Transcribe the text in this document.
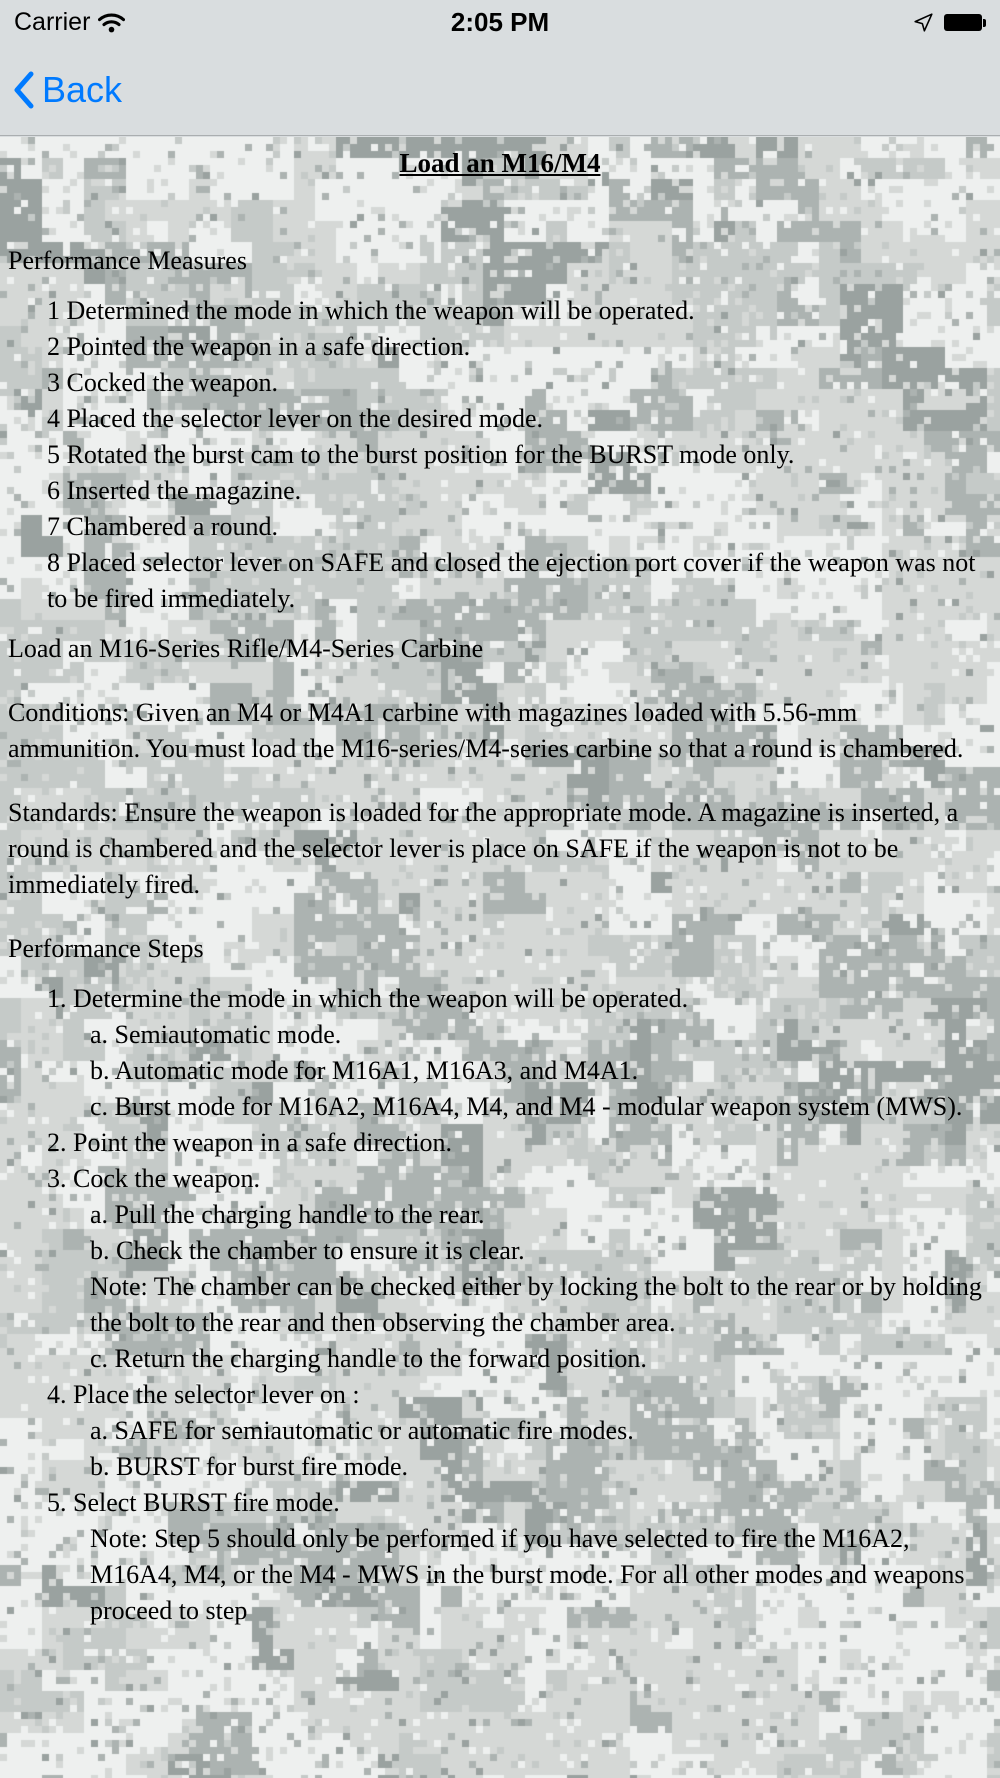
Carrier	2:05 PM
Back
Load an M16/M4
Performance Measures
1 Determined the mode in which the weapon will be operated.
2 Pointed the weapon in a safe direction.
3 Cocked the weapon.
4 Placed the selector lever on the desired mode.
5 Rotated the burst cam to the burst position for the BURST mode only.
6 Inserted the magazine.
7 Chambered a round.
8 Placed selector lever on SAFE and closed the ejection port cover if the weapon was not to be fired immediately.
Load an M16-Series Rifle/M4-Series Carbine
Conditions: Given an M4 or M4A1 carbine with magazines loaded with 5.56-mm ammunition. You must load the M16-series/M4-series carbine so that a round is chambered.
Standards: Ensure the weapon is loaded for the appropriate mode. A magazine is inserted, a round is chambered and the selector lever is place on SAFE if the weapon is not to be immediately fired.
Performance Steps
1. Determine the mode in which the weapon will be operated.
a. Semiautomatic mode.
b. Automatic mode for M16A1, M16A3, and M4A1.
c. Burst mode for M16A2, M16A4, M4, and M4 - modular weapon system (MWS).
2. Point the weapon in a safe direction.
3. Cock the weapon.
a. Pull the charging handle to the rear.
b. Check the chamber to ensure it is clear.
Note: The chamber can be checked either by locking the bolt to the rear or by holding the bolt to the rear and then observing the chamber area.
c. Return the charging handle to the forward position.
4. Place the selector lever on :
a. SAFE for semiautomatic or automatic fire modes.
b. BURST for burst fire mode.
5. Select BURST fire mode.
Note: Step 5 should only be performed if you have selected to fire the M16A2, M16A4, M4, or the M4 - MWS in the burst mode. For all other modes and weapons proceed to step
